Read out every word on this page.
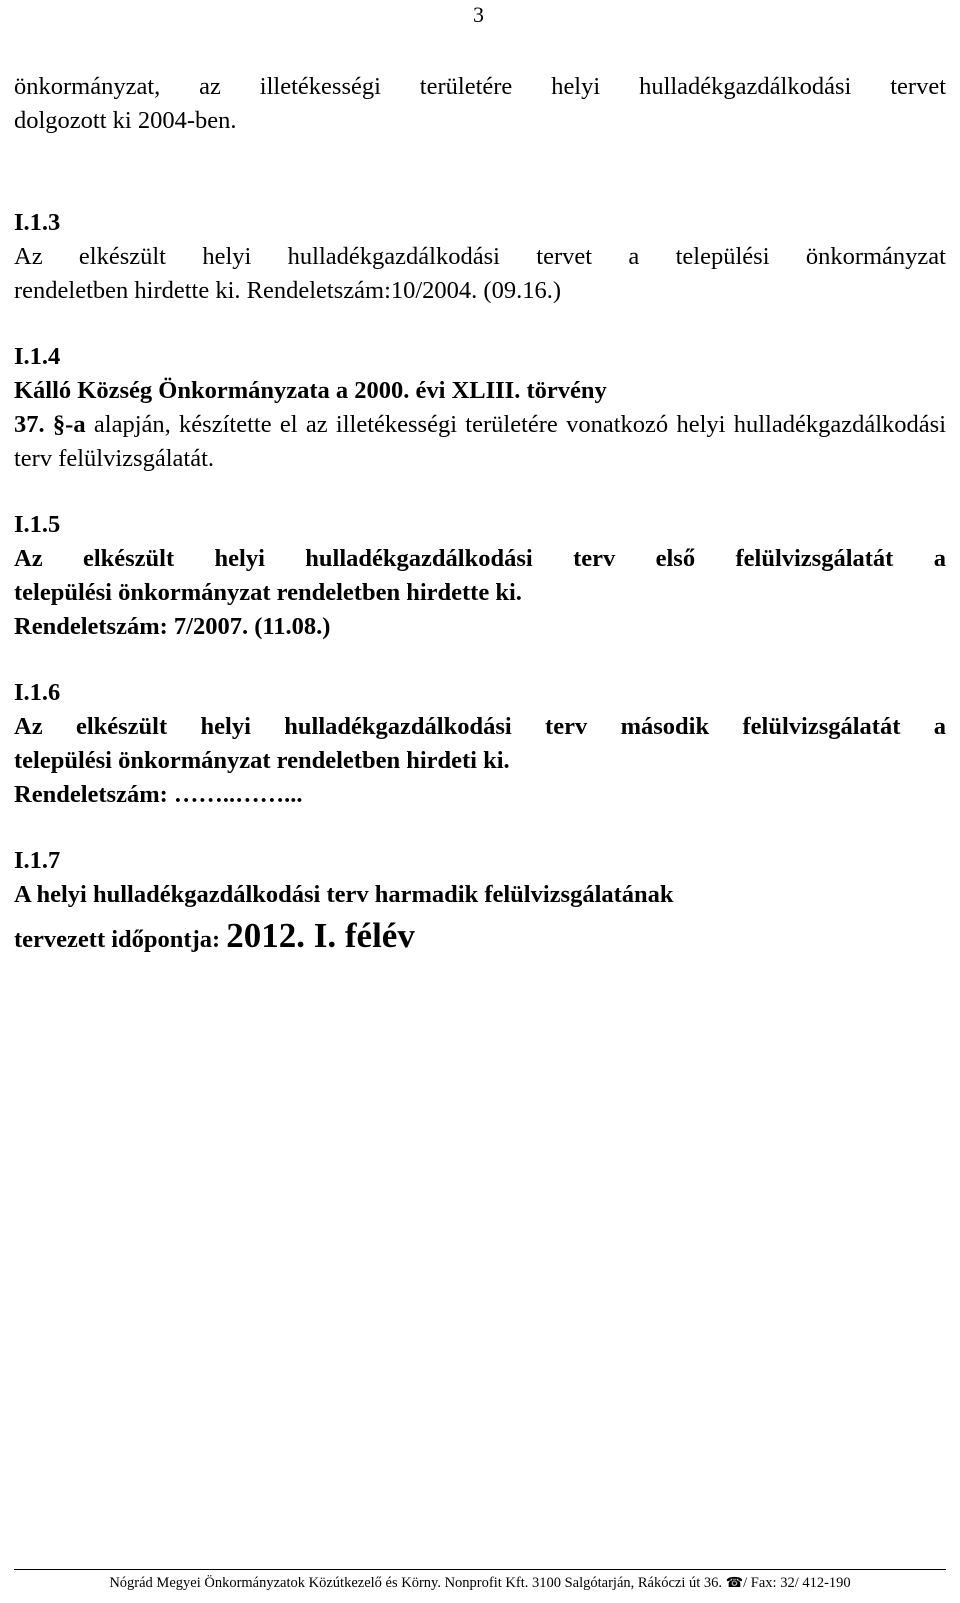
3
önkormányzat, az illetékességi területére helyi hulladékgazdálkodási tervet
dolgozott ki 2004-ben.
I.1.3
Az elkészült helyi hulladékgazdálkodási tervet a települési önkormányzat
rendeletben hirdette ki. Rendeletszám:10/2004. (09.16.)
I.1.4
Kálló Község Önkormányzata a 2000. évi XLIII. törvény
37. §-a alapján, készítette el az illetékességi területére vonatkozó helyi hulladékgazdálkodási terv felülvizsgálatát.
I.1.5
Az elkészült helyi hulladékgazdálkodási terv első felülvizsgálatát a
települési önkormányzat rendeletben hirdette ki.
Rendeletszám: 7/2007. (11.08.)
I.1.6
Az elkészült helyi hulladékgazdálkodási terv második felülvizsgálatát a
települési önkormányzat rendeletben hirdeti ki.
Rendeletszám: ……..……...
I.1.7
A helyi hulladékgazdálkodási terv harmadik felülvizsgálatának
tervezett időpontja: 2012. I. félév
Nógrád Megyei Önkormányzatok Közútkezelő és Körny. Nonprofit Kft. 3100 Salgótarján, Rákóczi út 36. ☎/ Fax: 32/ 412-190
